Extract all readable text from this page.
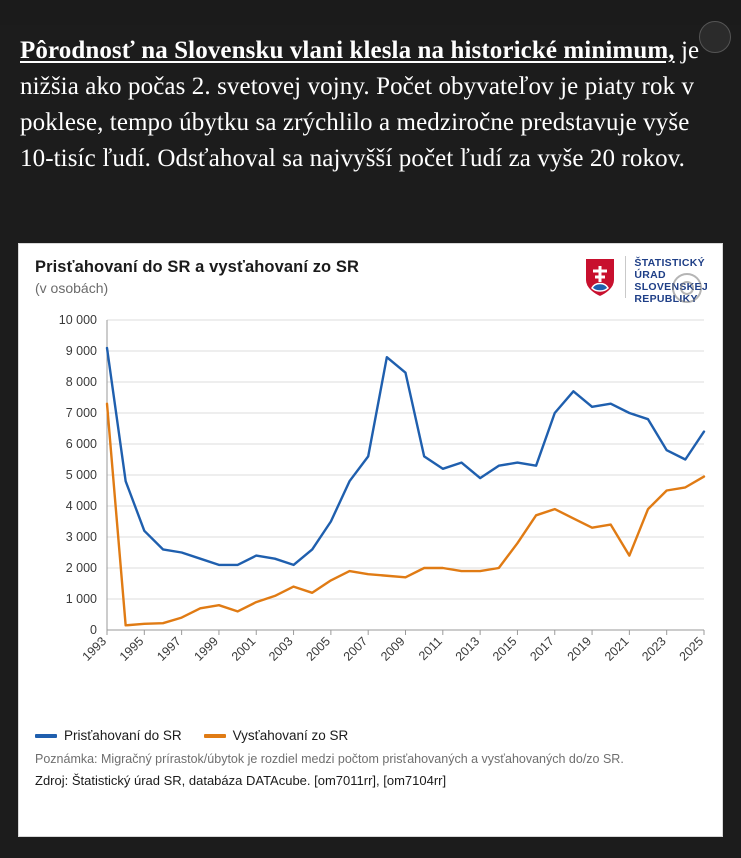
Pôrodnosť na Slovensku vlani klesla na historické minimum, je nižšia ako počas 2. svetovej vojny. Počet obyvateľov je piaty rok v poklese, tempo úbytku sa zrýchlilo a medziročne predstavuje vyše 10-tisíc ľudí. Odsťahoval sa najvyšší počet ľudí za vyše 20 rokov.

Prisťahovaní do SR a vysťahovaní zo SR
(v osobách)
ŠTATISTICKÝ
ÚRAD
SLOVENSKEJ
REPUBLIKY
0
1 000
2 000
3 000
4 000
5 000
6 000
7 000
8 000
9 000
10 000
1993 1995 1997 1999 2001 2003 2005 2007 2009 2011 2013 2015 2017 2019 2021 2023 2025
Prisťahovaní do SR	Vysťahovaní zo SR
Poznámka: Migračný prírastok/úbytok je rozdiel medzi počtom prisťahovaných a vysťahovaných do/zo SR.
Zdroj: Štatistický úrad SR, databáza DATAcube. [om7011rr], [om7104rr]
